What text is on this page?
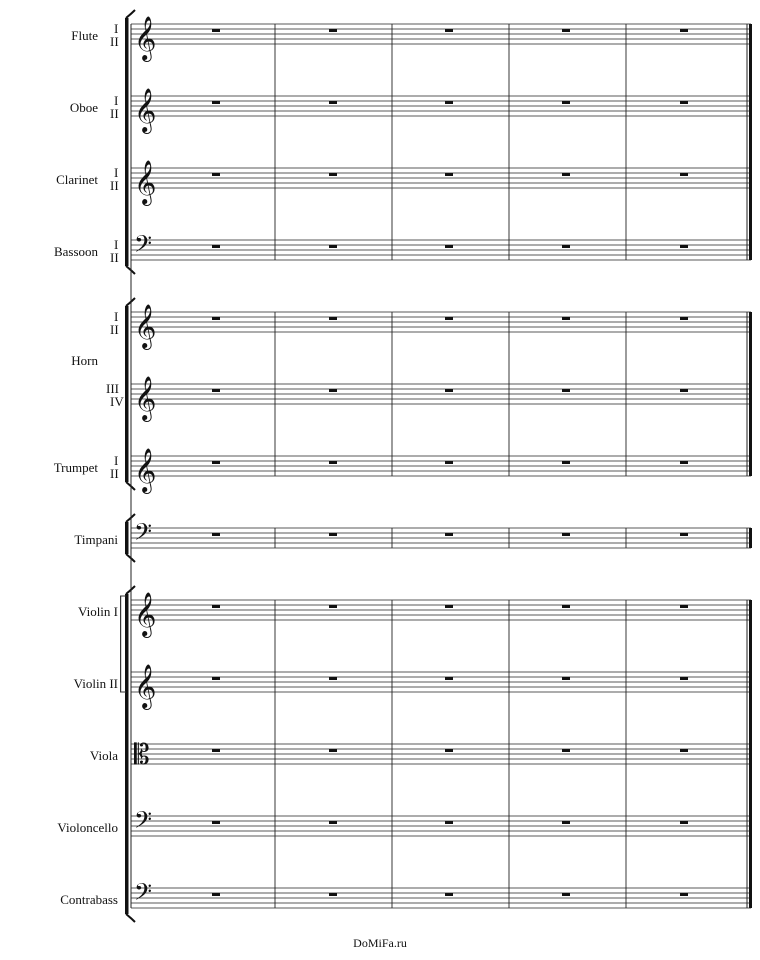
𝄞
𝄞
𝄞
𝄢
𝄞
𝄞
𝄞
𝄢
𝄞
𝄞
𝄡
𝄢
𝄢
Flute I
II
Oboe I
II
Clarinet I
II
Bassoon I
II
I
II
III
IV
Trumpet I
II
Timpani
Violin I
Violin II
Viola
Violoncello
Contrabass
Horn
DoMiFa.ru
